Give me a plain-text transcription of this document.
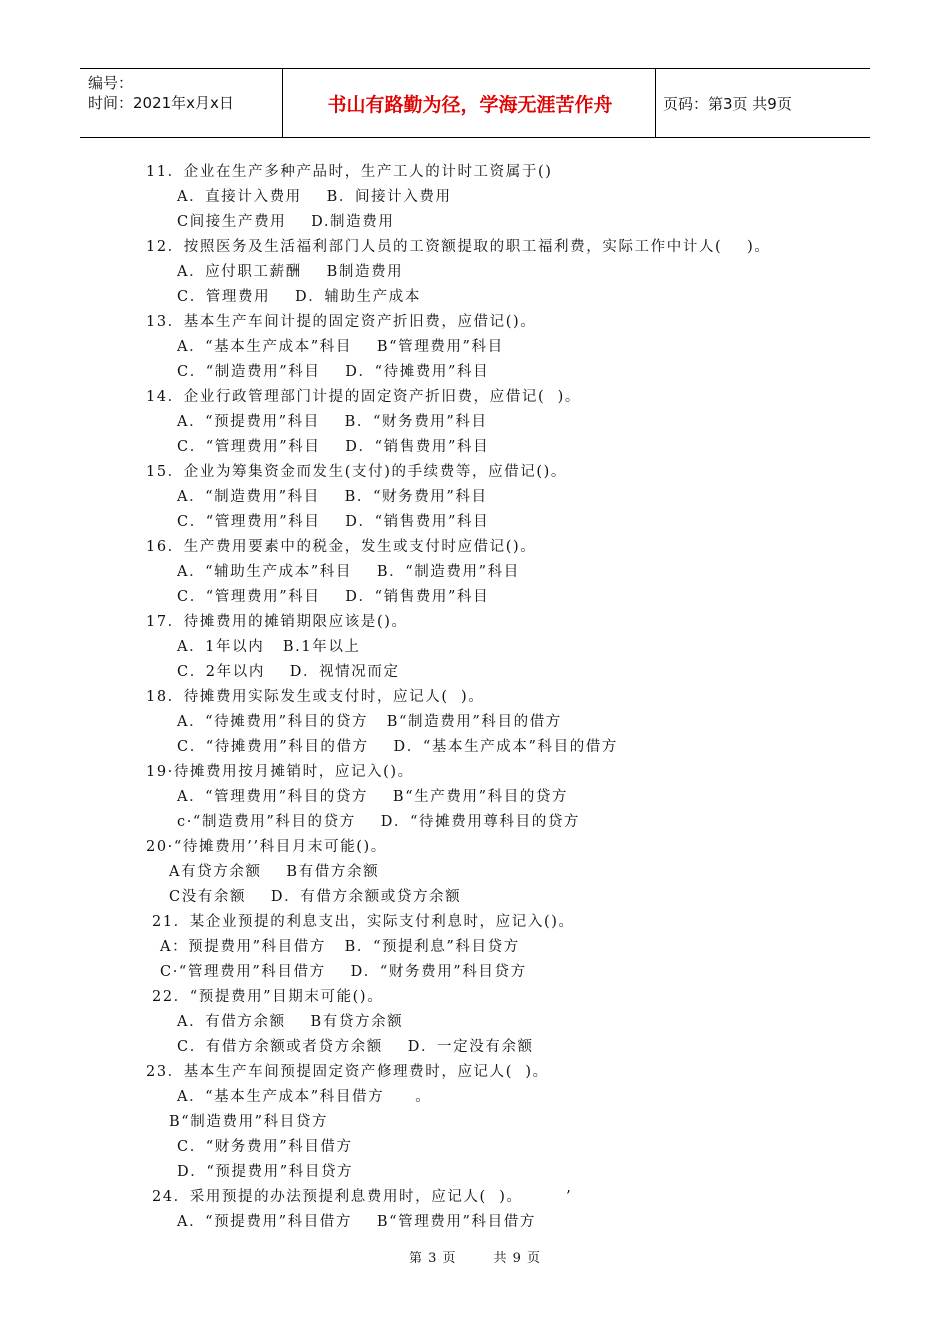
编号：
时间：2021年x月x日	书山有路勤为径，学海无涯苦作舟	页码：第3页 共9页
11．企业在生产多种产品时，生产工人的计时工资属于()
A．直接计入费用    B．间接计入费用
C间接生产费用    D.制造费用
12．按照医务及生活福利部门人员的工资额提取的职工福利费，实际工作中计人(    )。
A．应付职工薪酬    B制造费用
C．管理费用    D．辅助生产成本
13．基本生产车间计提的固定资产折旧费，应借记()。
A．“基本生产成本”科目    B“管理费用”科目
C．“制造费用”科目    D．“待摊费用”科目
14．企业行政管理部门计提的固定资产折旧费，应借记(  )。
A．“预提费用”科目    B．“财务费用”科目
C．“管理费用”科目    D．“销售费用”科目
15．企业为筹集资金而发生(支付)的手续费等，应借记()。
A．“制造费用”科目    B．“财务费用”科目
C．“管理费用”科目    D．“销售费用”科目
16．生产费用要素中的税金，发生或支付时应借记()。
A．“辅助生产成本”科目    B．“制造费用”科目
C．“管理费用”科目    D．“销售费用”科目
17．待摊费用的摊销期限应该是()。
A．1年以内   B.1年以上
C．2年以内    D．视情况而定
18．待摊费用实际发生或支付时，应记人(  )。
A．“待摊费用”科目的贷方   B“制造费用”科目的借方
C．“待摊费用”科目的借方    D．“基本生产成本”科目的借方
19·待摊费用按月摊销时，应记入()。
A．“管理费用”科目的贷方    B“生产费用”科目的贷方
c·“制造费用”科目的贷方    D．“待摊费用尊科目的贷方
20·“待摊费用’’科目月末可能()。
A有贷方余额    B有借方余额
C没有余额    D．有借方余额或贷方余额
21．某企业预提的利息支出，实际支付利息时，应记入()。
A：预提费用”科目借方   B．“预提利息”科目贷方
C·“管理费用”科目借方    D．“财务费用”科目贷方
22．“预提费用”目期末可能()。
A．有借方余额    B有贷方余额
C．有借方余额或者贷方余额    D．一定没有余额
23．基本生产车间预提固定资产修理费时，应记人(  )。
A．“基本生产成本”科目借方     。
B“制造费用”科目贷方
C．“财务费用”科目借方
D．“预提费用”科目贷方
24．采用预提的办法预提利息费用时，应记人(  )。       ’
A．“预提费用”科目借方    B“管理费用”科目借方
第 3 页	共 9 页
